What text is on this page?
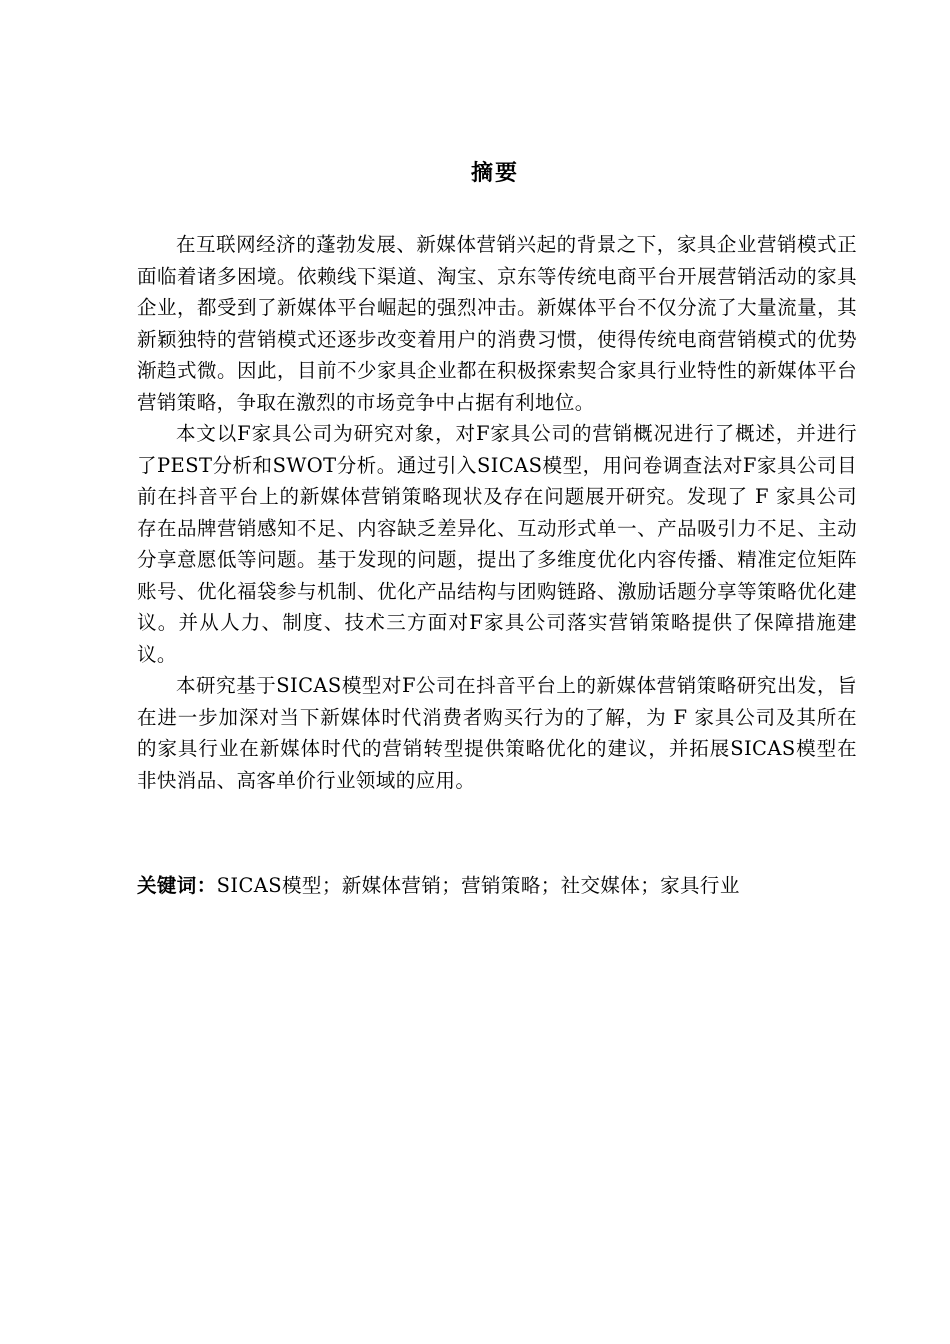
摘要

在互联网经济的蓬勃发展、新媒体营销兴起的背景之下，家具企业营销模式正面临着诸多困境。依赖线下渠道、淘宝、京东等传统电商平台开展营销活动的家具企业，都受到了新媒体平台崛起的强烈冲击。新媒体平台不仅分流了大量流量，其新颖独特的营销模式还逐步改变着用户的消费习惯，使得传统电商营销模式的优势渐趋式微。因此，目前不少家具企业都在积极探索契合家具行业特性的新媒体平台营销策略，争取在激烈的市场竞争中占据有利地位。

本文以F家具公司为研究对象，对F家具公司的营销概况进行了概述，并进行了PEST分析和SWOT分析。通过引入SICAS模型，用问卷调查法对F家具公司目前在抖音平台上的新媒体营销策略现状及存在问题展开研究。发现了 F 家具公司存在品牌营销感知不足、内容缺乏差异化、互动形式单一、产品吸引力不足、主动分享意愿低等问题。基于发现的问题，提出了多维度优化内容传播、精准定位矩阵账号、优化福袋参与机制、优化产品结构与团购链路、激励话题分享等策略优化建议。并从人力、制度、技术三方面对F家具公司落实营销策略提供了保障措施建议。

本研究基于SICAS模型对F公司在抖音平台上的新媒体营销策略研究出发，旨在进一步加深对当下新媒体时代消费者购买行为的了解，为 F 家具公司及其所在的家具行业在新媒体时代的营销转型提供策略优化的建议，并拓展SICAS模型在非快消品、高客单价行业领域的应用。

关键词：SICAS模型；新媒体营销；营销策略；社交媒体；家具行业
